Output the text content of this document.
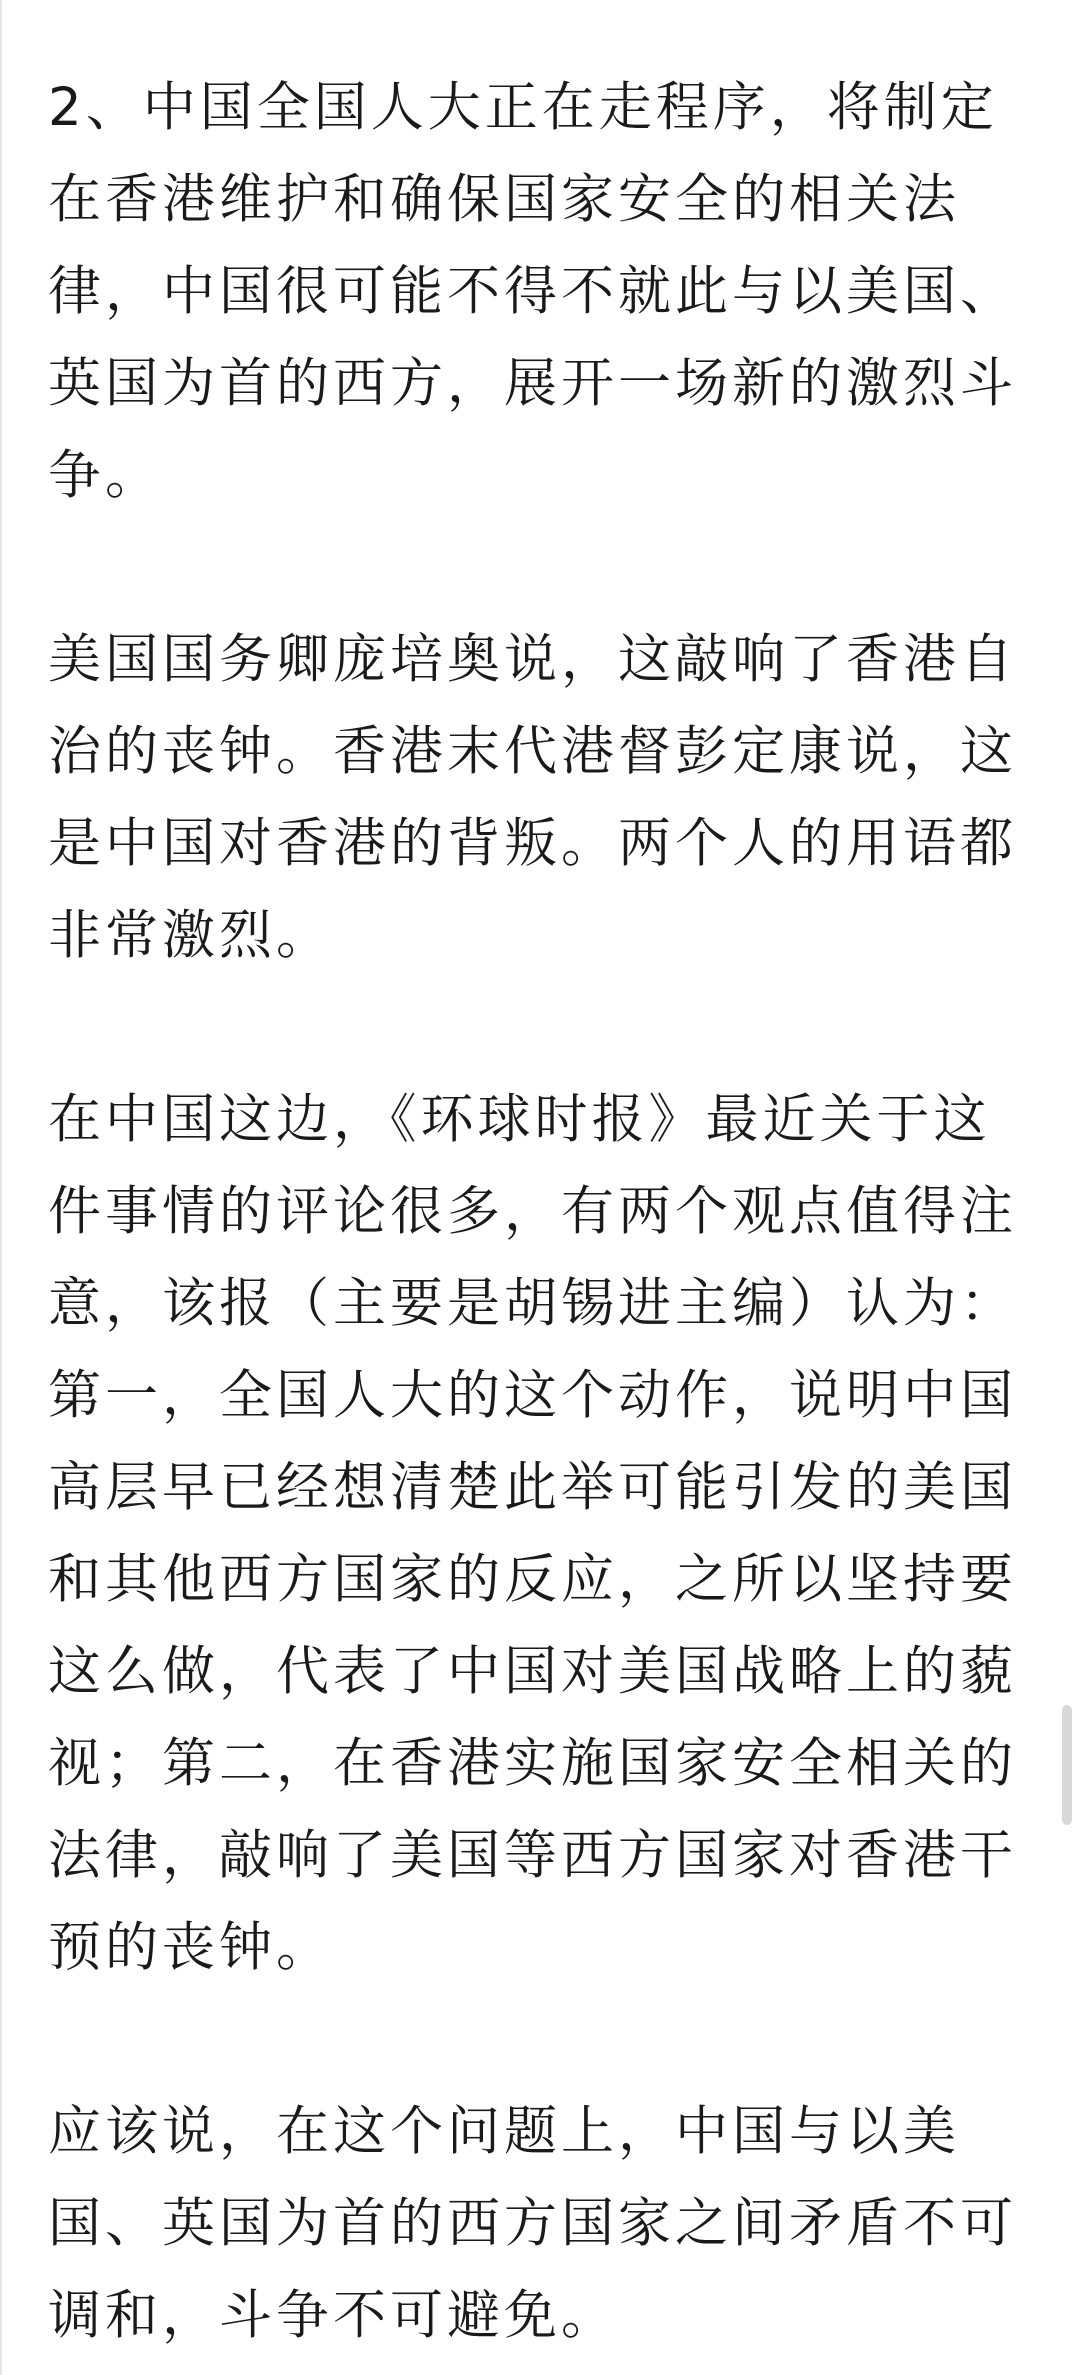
2、中国全国人大正在走程序，将制定在香港维护和确保国家安全的相关法律，中国很可能不得不就此与以美国、英国为首的西方，展开一场新的激烈斗争。

美国国务卿庞培奥说，这敲响了香港自治的丧钟。香港末代港督彭定康说，这是中国对香港的背叛。两个人的用语都非常激烈。

在中国这边，《环球时报》最近关于这件事情的评论很多，有两个观点值得注意，该报（主要是胡锡进主编）认为：第一，全国人大的这个动作，说明中国高层早已经想清楚此举可能引发的美国和其他西方国家的反应，之所以坚持要这么做，代表了中国对美国战略上的藐视；第二，在香港实施国家安全相关的法律，敲响了美国等西方国家对香港干预的丧钟。

应该说，在这个问题上，中国与以美国、英国为首的西方国家之间矛盾不可调和，斗争不可避免。
